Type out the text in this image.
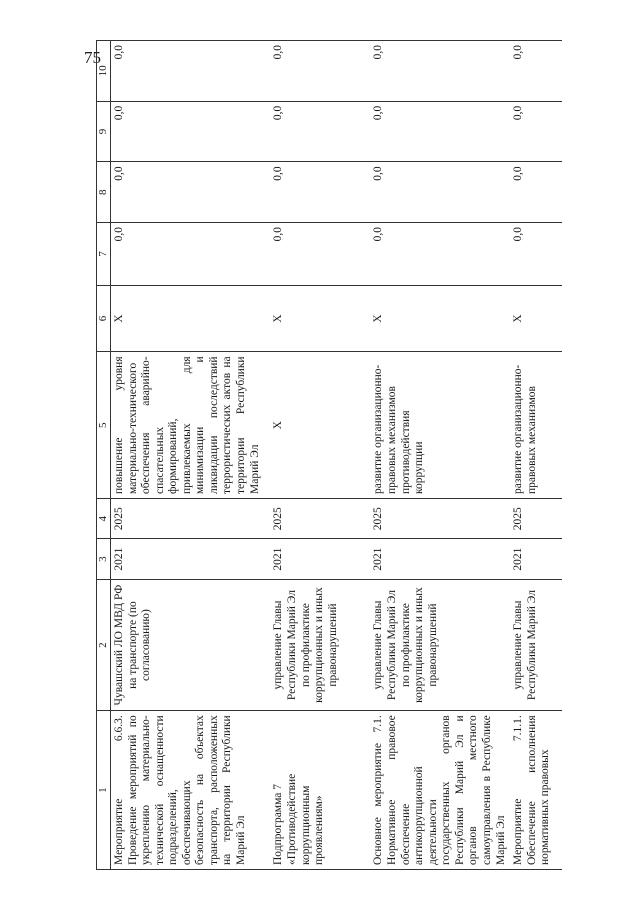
75
1	2	3	4	5	6	7	8	9	10
Мероприятие 6.6.3. Проведение мероприятий по укреплению материально-технической оснащенности подразделений, обеспечивающих безопасность на объектах транспорта, расположенных на территории Республики Марий Эл	Чувашский ЛО МВД РФ на транспорте (по согласованию)	2021	2025	повышение уровня материально-технического обеспечения аварийно-спасательных формирований, привлекаемых для минимизации и ликвидации последствий террористических актов на территории Республики Марий Эл	X	0,0	0,0	0,0	0,0
Подпрограмма 7 «Противодействие коррупционным проявлениям»	управление Главы Республики Марий Эл по профилактике коррупционных и иных правонарушений	2021	2025	X	X	0,0	0,0	0,0	0,0
Основное мероприятие 7.1. Нормативное правовое обеспечение антикоррупционной деятельности государственных органов Республики Марий Эл и органов местного самоуправления в Республике Марий Эл	управление Главы Республики Марий Эл по профилактике коррупционных и иных правонарушений	2021	2025	развитие организационно-правовых механизмов противодействия коррупции	X	0,0	0,0	0,0	0,0
Мероприятие 7.1.1. Обеспечение исполнения нормативных правовых	управление Главы Республики Марий Эл	2021	2025	развитие организационно-правовых механизмов	X	0,0	0,0	0,0	0,0
